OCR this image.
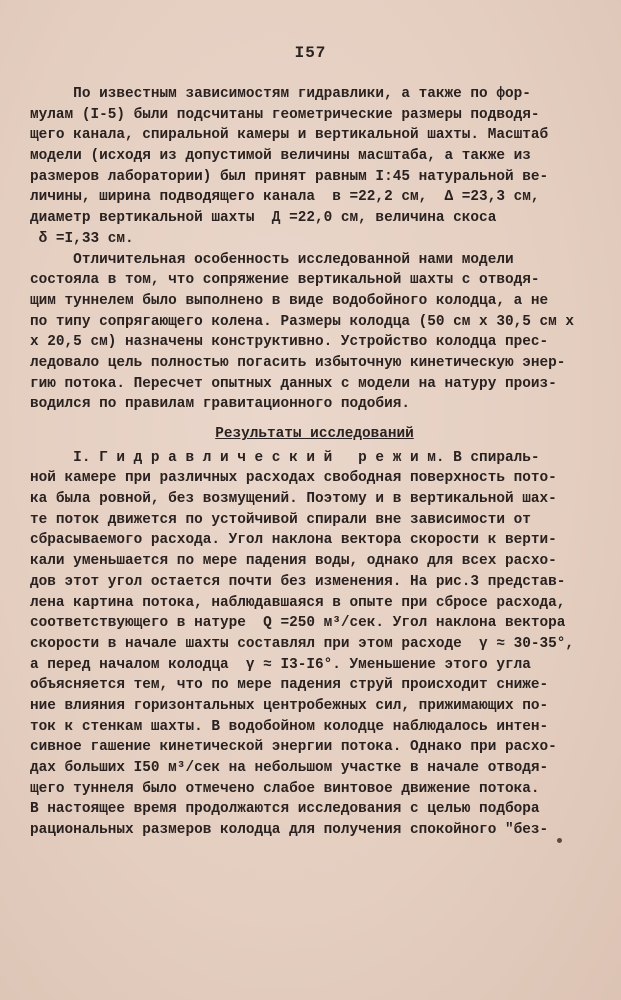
I57
По известным зависимостям гидравлики, а также по фор-
мулам (I-5) были подсчитаны геометрические размеры подводя-
щего канала, спиральной камеры и вертикальной шахты. Масштаб
модели (исходя из допустимой величины масштаба, а также из
размеров лаборатории) был принят равным I:45 натуральной ве-
личины, ширина подводящего канала  в =22,2 см,  Δ =23,3 см,
диаметр вертикальной шахты  Д =22,0 см, величина скоса
δ =I,33 см.
Отличительная особенность исследованной нами модели
состояла в том, что сопряжение вертикальной шахты с отводя-
щим туннелем было выполнено в виде водобойного колодца, а не
по типу сопрягающего колена. Размеры колодца (50 см x 30,5 см x
x 20,5 см) назначены конструктивно. Устройство колодца прес-
ледовало цель полностью погасить избыточную кинетическую энер-
гию потока. Пересчет опытных данных с модели на натуру произ-
водился по правилам гравитационного подобия.
Результаты исследований
I. Г и д р а в л и ч е с к и й   р е ж и м. В спираль-
ной камере при различных расходах свободная поверхность пото-
ка была ровной, без возмущений. Поэтому и в вертикальной шах-
те поток движется по устойчивой спирали вне зависимости от
сбрасываемого расхода. Угол наклона вектора скорости к верти-
кали уменьшается по мере падения воды, однако для всех расхо-
дов этот угол остается почти без изменения. На рис.3 представ-
лена картина потока, наблюдавшаяся в опыте при сбросе расхода,
соответствующего в натуре  Q =250 м³/сек. Угол наклона вектора
скорости в начале шахты составлял при этом расходе  γ ≈ 30-35°,
а перед началом колодца  γ ≈ I3-I6°. Уменьшение этого угла
объясняется тем, что по мере падения струй происходит сниже-
ние влияния горизонтальных центробежных сил, прижимающих по-
ток к стенкам шахты. В водобойном колодце наблюдалось интен-
сивное гашение кинетической энергии потока. Однако при расхо-
дах больших I50 м³/сек на небольшом участке в начале отводя-
щего туннеля было отмечено слабое винтовое движение потока.
В настоящее время продолжаются исследования с целью подбора
рациональных размеров колодца для получения спокойного "без-
